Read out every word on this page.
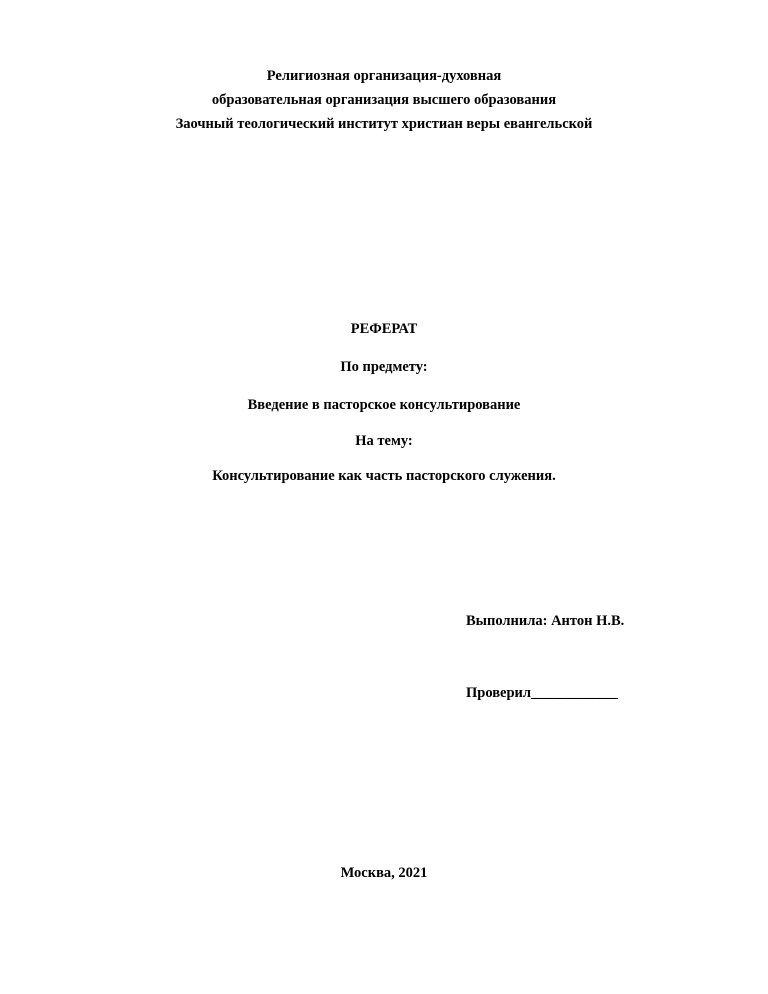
Религиозная организация-духовная
образовательная организация высшего образования
Заочный теологический институт христиан веры евангельской
РЕФЕРАТ
По предмету:
Введение в пасторское консультирование
На тему:
Консультирование как часть пасторского служения.
Выполнила: Антон Н.В.
Проверил____________
Москва, 2021
